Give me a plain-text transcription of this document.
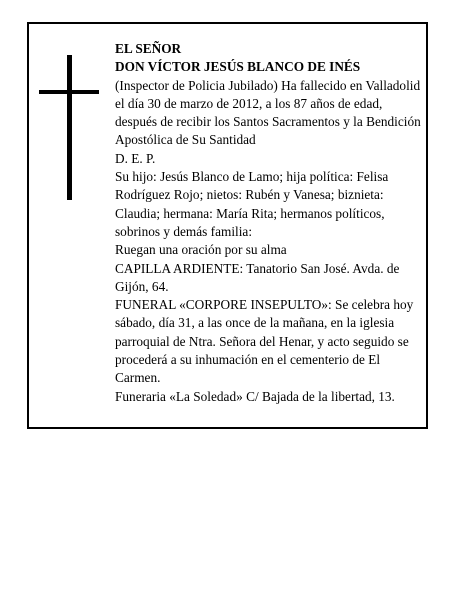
EL SEÑOR

DON VÍCTOR JESÚS BLANCO DE INÉS

(Inspector de Policia Jubilado) Ha fallecido en Valladolid el día 30 de marzo de 2012, a los 87 años de edad, después de recibir los Santos Sacramentos y la Bendición Apostólica de Su Santidad

D. E. P.

Su hijo: Jesús Blanco de Lamo; hija política: Felisa Rodríguez Rojo; nietos: Rubén y Vanesa; biznieta: Claudia; hermana: María Rita; hermanos políticos, sobrinos y demás familia:

Ruegan una oración por su alma

CAPILLA ARDIENTE: Tanatorio San José. Avda. de Gijón, 64.

FUNERAL «CORPORE INSEPULTO»: Se celebra hoy sábado, día 31, a las once de la mañana, en la iglesia parroquial de Ntra. Señora del Henar, y acto seguido se procederá a su inhumación en el cementerio de El Carmen.

Funeraria «La Soledad» C/ Bajada de la libertad, 13.
